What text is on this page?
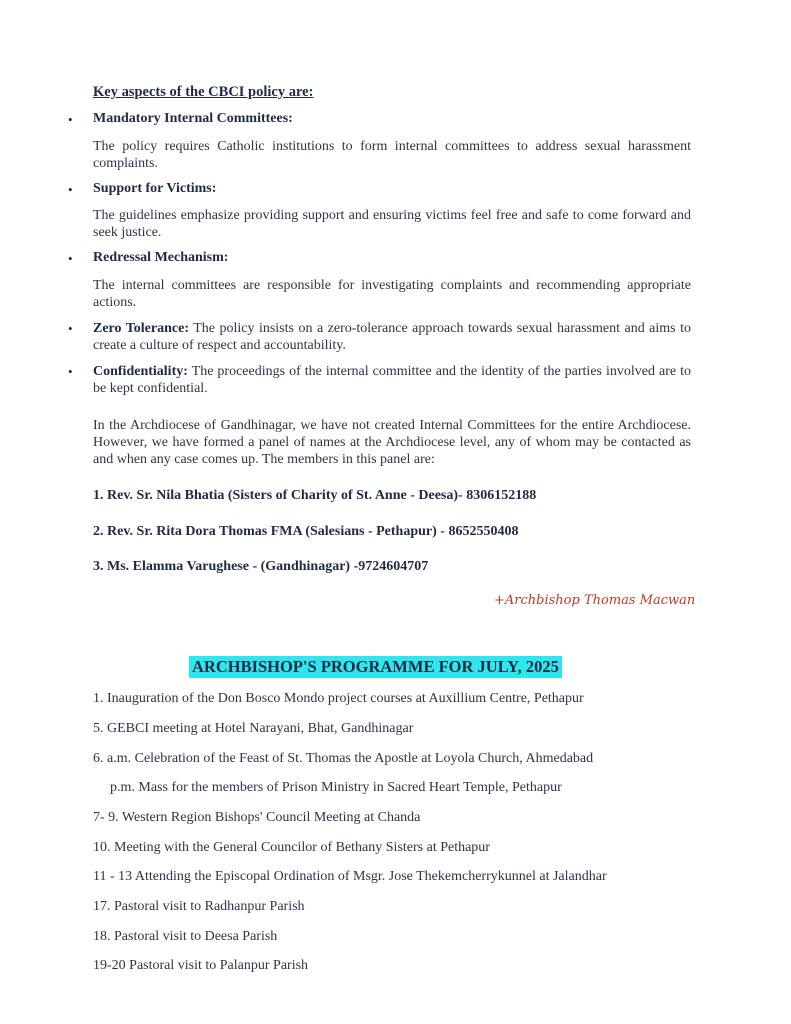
Key aspects of the CBCI policy are:
• Mandatory Internal Committees:
The policy requires Catholic institutions to form internal committees to address sexual harassment complaints.
• Support for Victims:
The guidelines emphasize providing support and ensuring victims feel free and safe to come forward and seek justice.
• Redressal Mechanism:
The internal committees are responsible for investigating complaints and recommending appropriate actions.
• Zero Tolerance: The policy insists on a zero-tolerance approach towards sexual harassment and aims to create a culture of respect and accountability.
• Confidentiality: The proceedings of the internal committee and the identity of the parties involved are to be kept confidential.
In the Archdiocese of Gandhinagar, we have not created Internal Committees for the entire Archdiocese. However, we have formed a panel of names at the Archdiocese level, any of whom may be contacted as and when any case comes up. The members in this panel are:
1. Rev. Sr. Nila Bhatia (Sisters of Charity of St. Anne - Deesa)- 8306152188
2. Rev. Sr. Rita Dora Thomas FMA (Salesians - Pethapur) - 8652550408
3. Ms. Elamma Varughese - (Gandhinagar) -9724604707
+Archbishop Thomas Macwan
ARCHBISHOP'S PROGRAMME FOR JULY, 2025
1. Inauguration of the Don Bosco Mondo project courses at Auxillium Centre, Pethapur
5. GEBCI meeting at Hotel Narayani, Bhat, Gandhinagar
6. a.m. Celebration of the Feast of St. Thomas the Apostle at Loyola Church, Ahmedabad
p.m. Mass for the members of Prison Ministry in Sacred Heart Temple, Pethapur
7- 9. Western Region Bishops' Council Meeting at Chanda
10. Meeting with the General Councilor of Bethany Sisters at Pethapur
11 - 13 Attending the Episcopal Ordination of Msgr. Jose Thekemcherrykunnel at Jalandhar
17. Pastoral visit to Radhanpur Parish
18. Pastoral visit to Deesa Parish
19-20 Pastoral visit to Palanpur Parish
